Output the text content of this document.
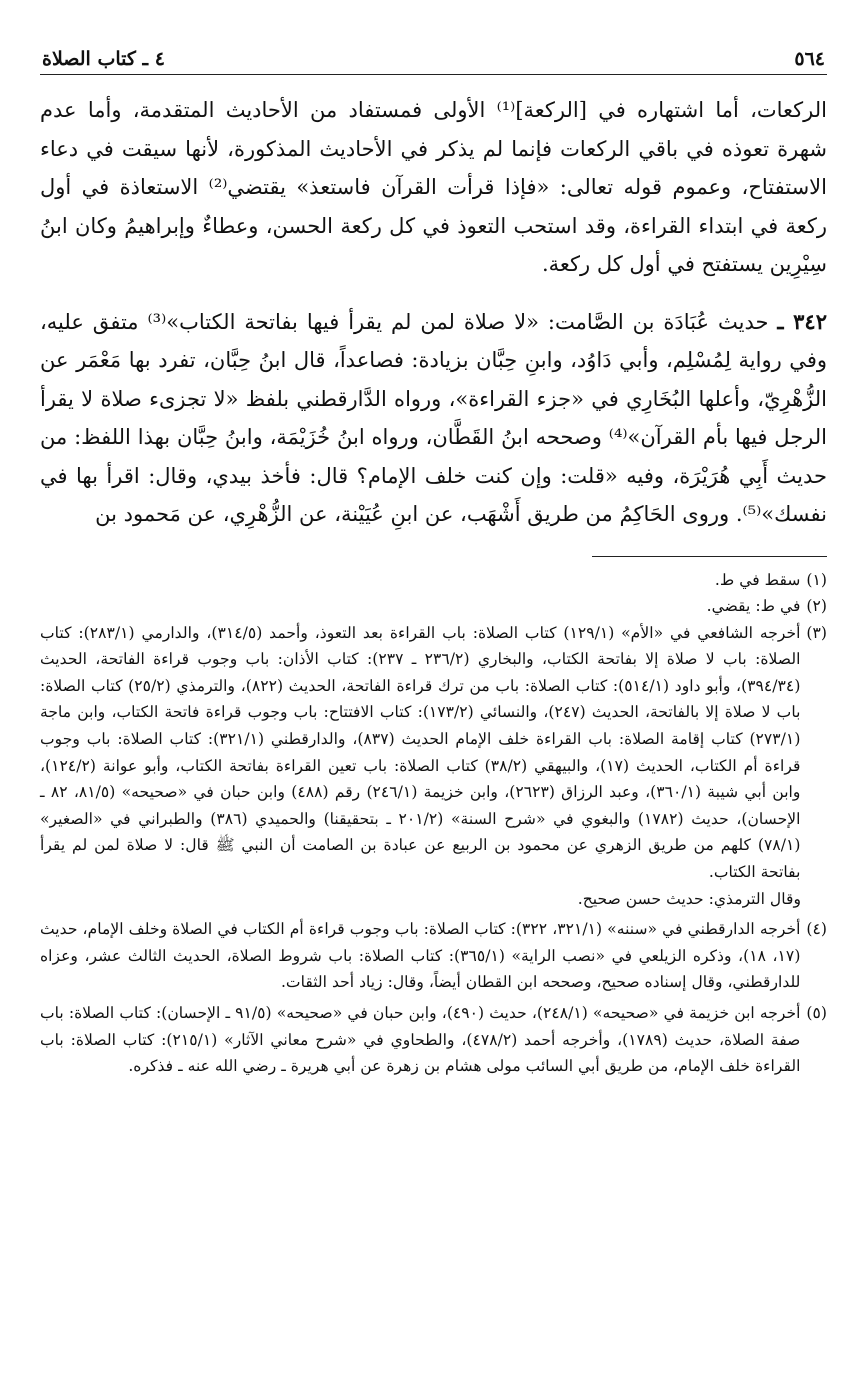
٥٦٤
٤ ـ كتاب الصلاة

الركعات، أما اشتهاره في [الركعة]⁽¹⁾ الأولى فمستفاد من الأحاديث المتقدمة، وأما عدم شهرة تعوذه في باقي الركعات فإنما لم يذكر في الأحاديث المذكورة، لأنها سيقت في دعاء الاستفتاح، وعموم قوله تعالى: «فإذا قرأت القرآن فاستعذ» يقتضي⁽²⁾ الاستعاذة في أول ركعة في ابتداء القراءة، وقد استحب التعوذ في كل ركعة الحسن، وعطاءٌ وإبراهيمُ وكان ابنُ سِيْرِين يستفتح في أول كل ركعة.

٣٤٢ ـ حديث عُبَادَة بن الصَّامت: «لا صلاة لمن لم يقرأ فيها بفاتحة الكتاب»⁽³⁾ متفق عليه، وفي رواية لِمُسْلِم، وأبي دَاوُد، وابنِ حِبَّان بزيادة: فصاعداً، قال ابنُ حِبَّان، تفرد بها مَعْمَر عن الزُّهْرِيّ، وأعلها البُخَارِي في «جزء القراءة»، ورواه الدَّارقطني بلفظ «لا تجزىء صلاة لا يقرأ الرجل فيها بأم القرآن»⁽⁴⁾ وصححه ابنُ القَطَّان، ورواه ابنُ خُزَيْمَة، وابنُ حِبَّان بهذا اللفظ: من حديث أَبِي هُرَيْرَة، وفيه «قلت: وإن كنت خلف الإمام؟ قال: فأخذ بيدي، وقال: اقرأ بها في نفسك»⁽⁵⁾. وروى الحَاكِمُ من طريق أَشْهَب، عن ابنِ عُيَيْنة، عن الزُّهْرِي، عن مَحمود بن

(١)
سقط في ط.
(٢)
في ط: يقضي.
(٣)
أخرجه الشافعي في «الأم» (١٢٩/١) كتاب الصلاة: باب القراءة بعد التعوذ، وأحمد (٣١٤/٥)، والدارمي (٢٨٣/١): كتاب الصلاة: باب لا صلاة إلا بفاتحة الكتاب، والبخاري (٢٣٦/٢ ـ ٢٣٧): كتاب الأذان: باب وجوب قراءة الفاتحة، الحديث (٣٩٤/٣٤)، وأبو داود (٥١٤/١): كتاب الصلاة: باب من ترك قراءة الفاتحة، الحديث (٨٢٢)، والترمذي (٢٥/٢) كتاب الصلاة: باب لا صلاة إلا بالفاتحة، الحديث (٢٤٧)، والنسائي (١٧٣/٢): كتاب الافتتاح: باب وجوب قراءة فاتحة الكتاب، وابن ماجة (٢٧٣/١) كتاب إقامة الصلاة: باب القراءة خلف الإمام الحديث (٨٣٧)، والدارقطني (٣٢١/١): كتاب الصلاة: باب وجوب قراءة أم الكتاب، الحديث (١٧)، والبيهقي (٣٨/٢) كتاب الصلاة: باب تعين القراءة بفاتحة الكتاب، وأبو عوانة (١٢٤/٢)، وابن أبي شيبة (٣٦٠/١)، وعبد الرزاق (٢٦٢٣)، وابن خزيمة (٢٤٦/١) رقم (٤٨٨) وابن حبان في «صحيحه» (٨١/٥، ٨٢ ـ الإحسان)، حديث (١٧٨٢) والبغوي في «شرح السنة» (٢٠١/٢ ـ بتحقيقنا) والحميدي (٣٨٦) والطبراني في «الصغير» (٧٨/١) كلهم من طريق الزهري عن محمود بن الربيع عن عبادة بن الصامت أن النبي ﷺ قال: لا صلاة لمن لم يقرأ بفاتحة الكتاب.
وقال الترمذي: حديث حسن صحيح.
(٤)
أخرجه الدارقطني في «سننه» (٣٢١/١، ٣٢٢): كتاب الصلاة: باب وجوب قراءة أم الكتاب في الصلاة وخلف الإمام، حديث (١٧، ١٨)، وذكره الزيلعي في «نصب الراية» (٣٦٥/١): كتاب الصلاة: باب شروط الصلاة، الحديث الثالث عشر، وعزاه للدارقطني، وقال إسناده صحيح، وصححه ابن القطان أيضاً، وقال: زياد أحد الثقات.
(٥)
أخرجه ابن خزيمة في «صحيحه» (٢٤٨/١)، حديث (٤٩٠)، وابن حبان في «صحيحه» (٩١/٥ ـ الإحسان): كتاب الصلاة: باب صفة الصلاة، حديث (١٧٨٩)، وأخرجه أحمد (٤٧٨/٢)، والطحاوي في «شرح معاني الآثار» (٢١٥/١): كتاب الصلاة: باب القراءة خلف الإمام، من طريق أبي السائب مولى هشام بن زهرة عن أبي هريرة ـ رضي الله عنه ـ فذكره.
